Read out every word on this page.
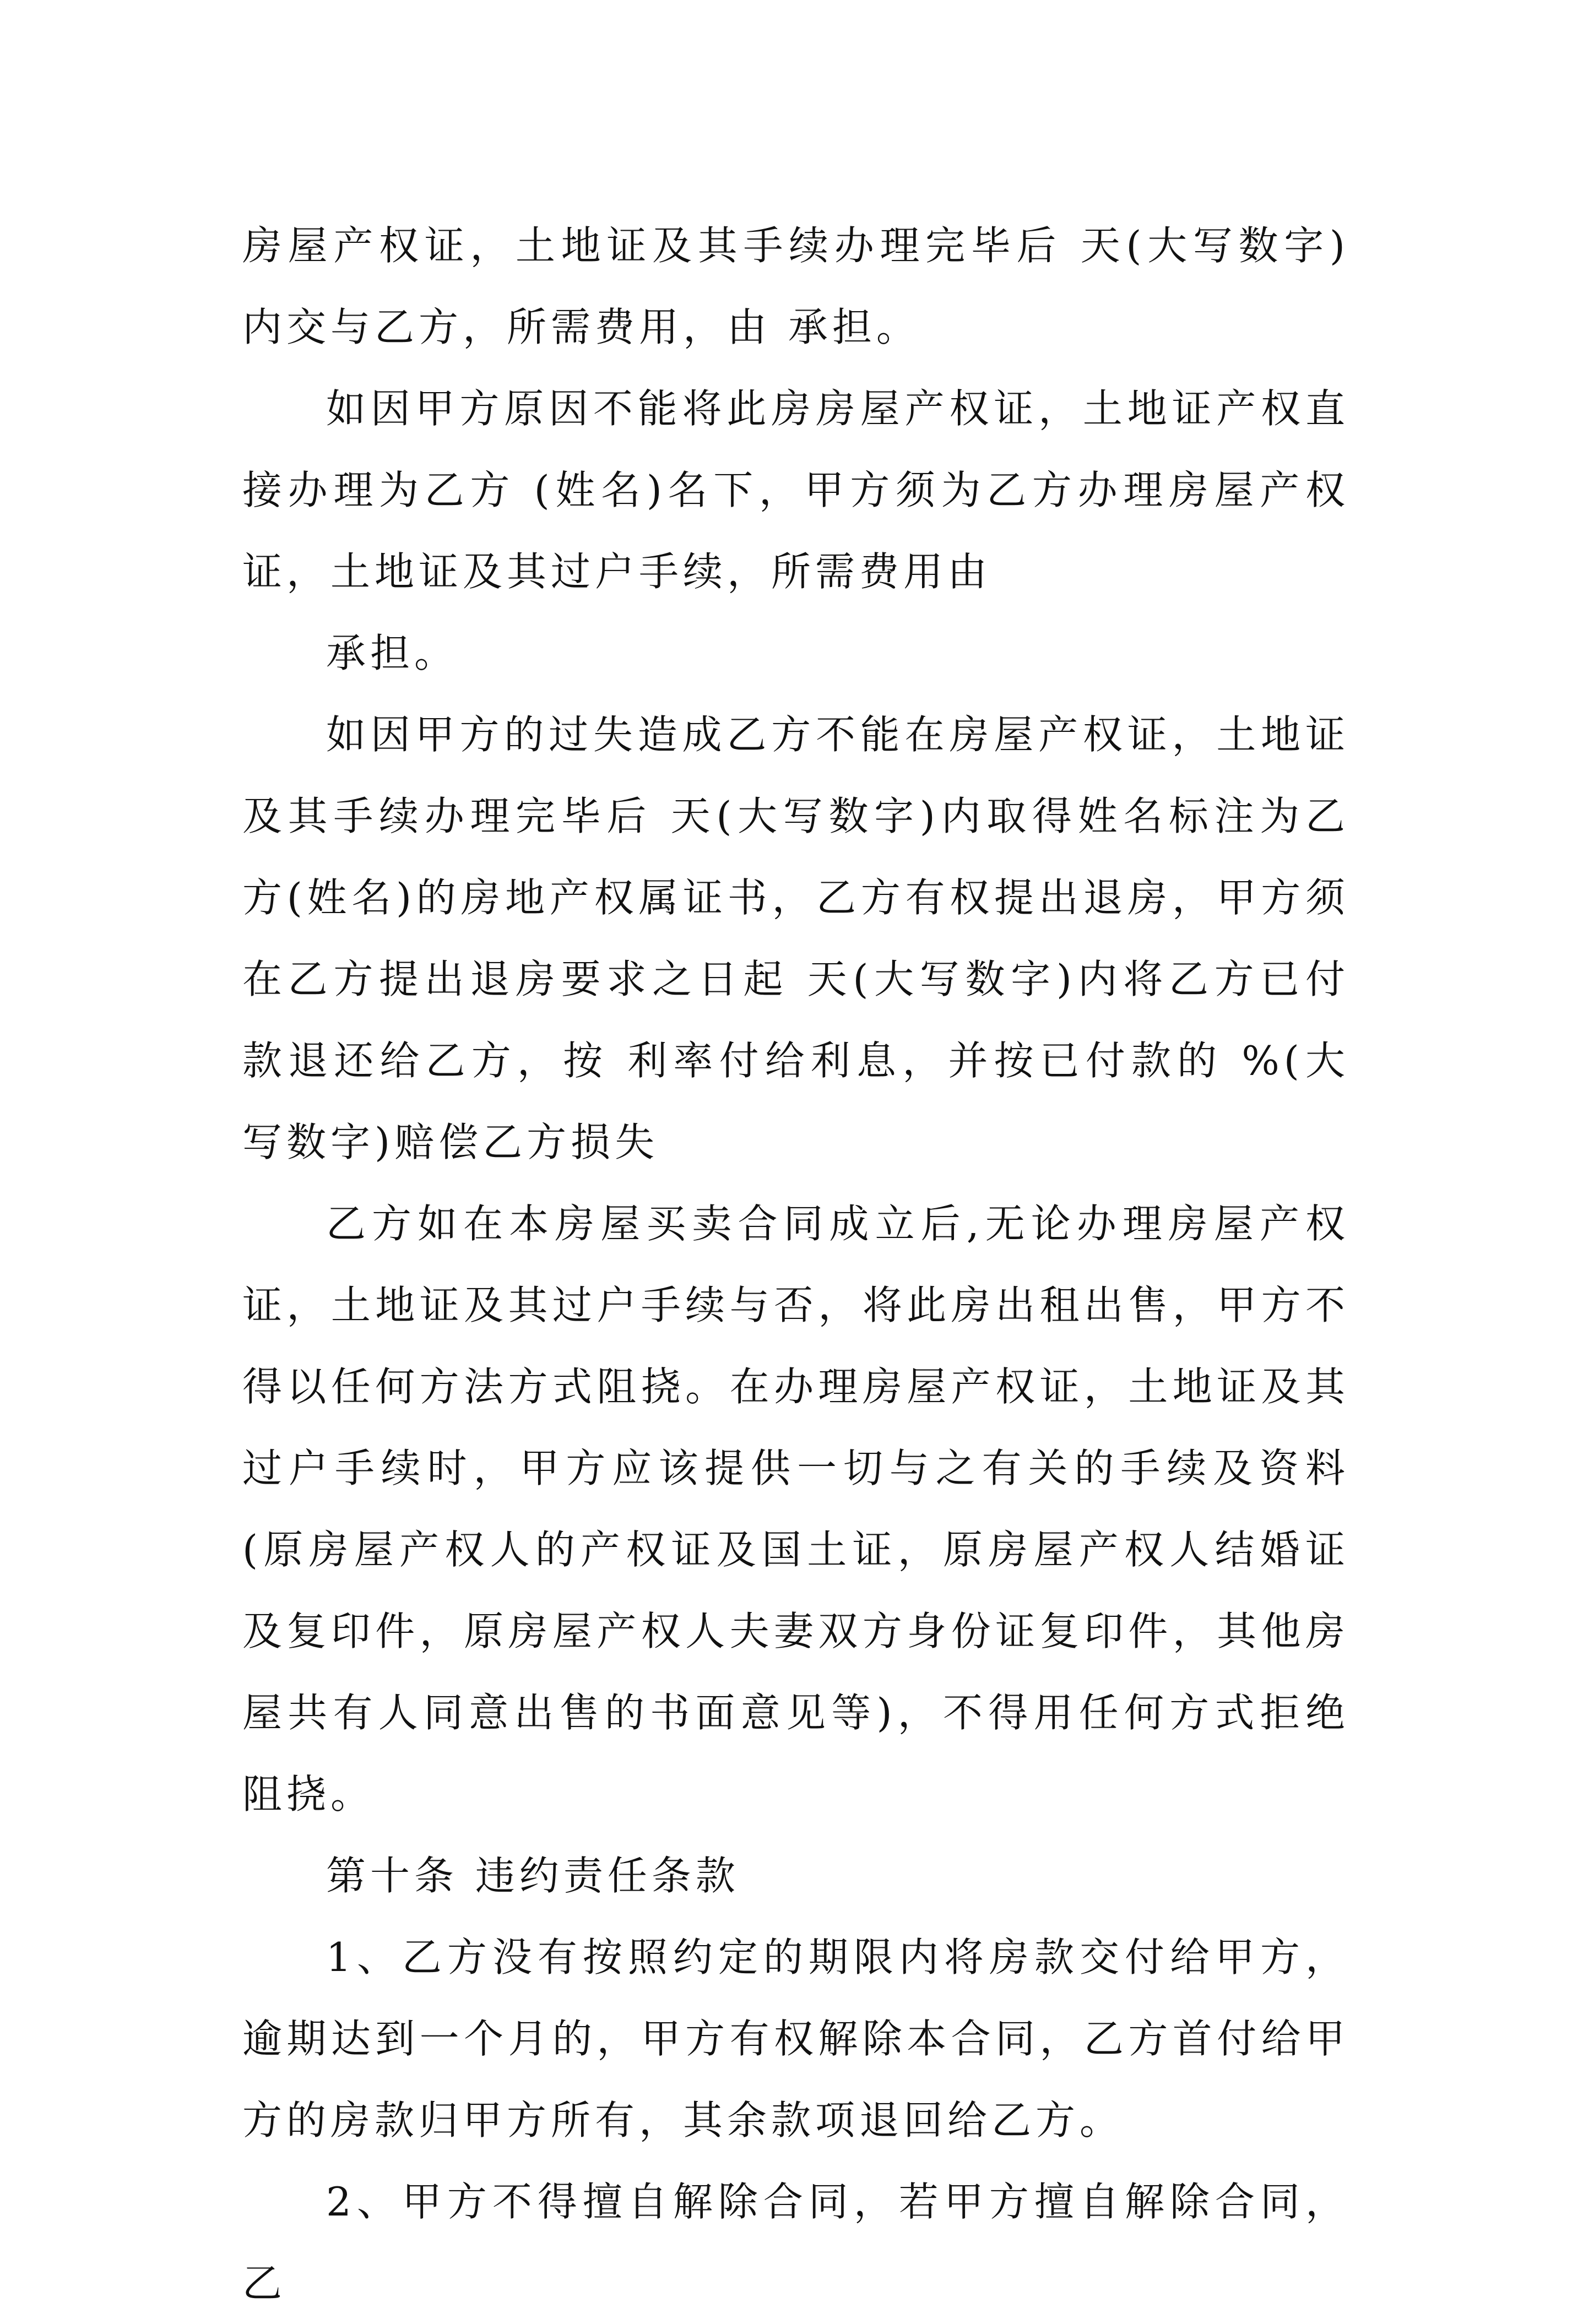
房屋产权证，土地证及其手续办理完毕后 天(大写数字)内交与乙方，所需费用，由 承担。

如因甲方原因不能将此房房屋产权证，土地证产权直接办理为乙方 (姓名)名下，甲方须为乙方办理房屋产权证，土地证及其过户手续，所需费用由

承担。

如因甲方的过失造成乙方不能在房屋产权证，土地证及其手续办理完毕后 天(大写数字)内取得姓名标注为乙方(姓名)的房地产权属证书，乙方有权提出退房，甲方须在乙方提出退房要求之日起 天(大写数字)内将乙方已付款退还给乙方，按 利率付给利息，并按已付款的 %(大写数字)赔偿乙方损失

乙方如在本房屋买卖合同成立后,无论办理房屋产权证，土地证及其过户手续与否，将此房出租出售，甲方不得以任何方法方式阻挠。在办理房屋产权证，土地证及其过户手续时，甲方应该提供一切与之有关的手续及资料(原房屋产权人的产权证及国土证，原房屋产权人结婚证及复印件，原房屋产权人夫妻双方身份证复印件，其他房屋共有人同意出售的书面意见等)，不得用任何方式拒绝阻挠。

第十条 违约责任条款

1、乙方没有按照约定的期限内将房款交付给甲方，逾期达到一个月的，甲方有权解除本合同，乙方首付给甲方的房款归甲方所有，其余款项退回给乙方。

2、甲方不得擅自解除合同，若甲方擅自解除合同，乙
